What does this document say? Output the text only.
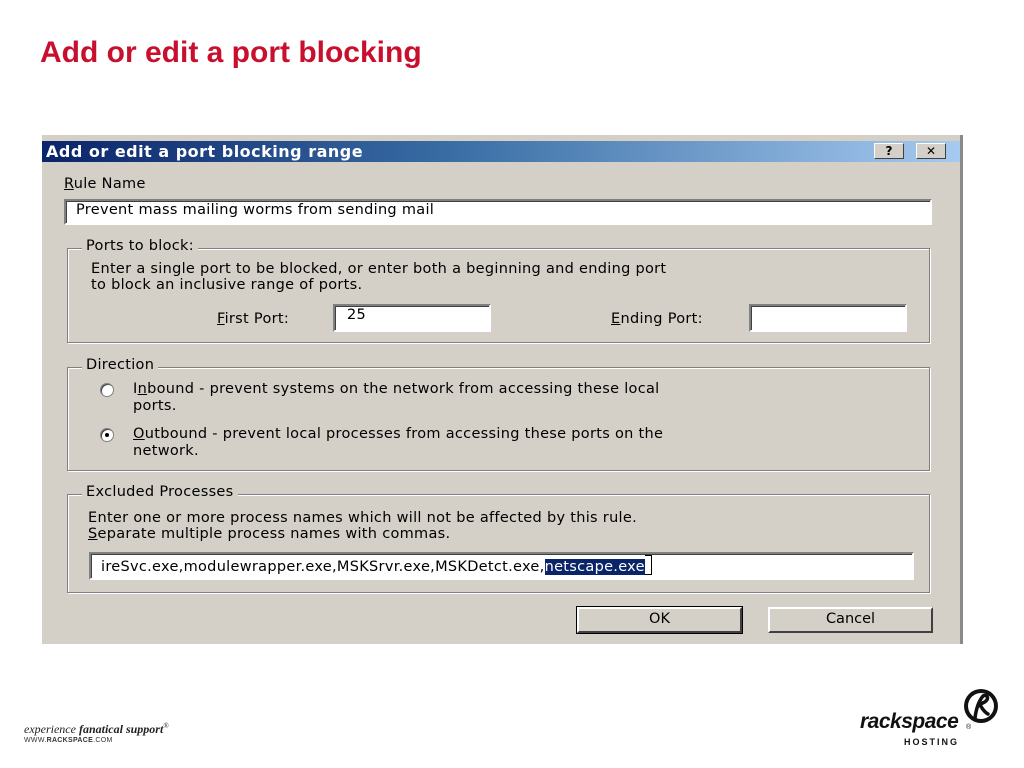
Add or edit a port blocking
Add or edit a port blocking range	?	✕
Rule Name
Prevent mass mailing worms from sending mail
Ports to block:
Enter a single port to be blocked, or enter both a beginning and ending port
to block an inclusive range of ports.
First Port:	25	Ending Port:
Direction
Inbound - prevent systems on the network from accessing these local
ports.
Outbound - prevent local processes from accessing these ports on the
network.
Excluded Processes
Enter one or more process names which will not be affected by this rule.
Separate multiple process names with commas.
ireSvc.exe,modulewrapper.exe,MSKSrvr.exe,MSKDetct.exe,netscape.exe
OK	Cancel
experience fanatical support®
WWW.RACKSPACE.COM
rackspace ®
HOSTING
